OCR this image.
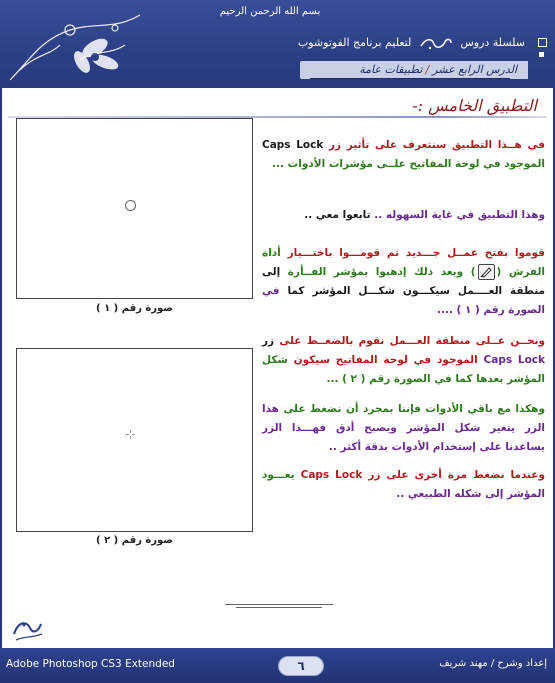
بسم الله الرحمن الرحيم
سلسلة دروس  لتعليم برنامج الفوتوشوب
الدرس الرابع عشر/تطبيقات عامة
التطبيق الخامس :-
صورة رقم ( ١ )
صورة رقم ( ٢ )
في هــذا التطبيق سنتعرف على تأثير زر Caps Lock الموجود في لوحة المفاتيح علــى مؤشرات الأدوات ...
وهذا التطبيق في غاية السهوله .. تابعوا معي ..
قوموا بفتح عمــل جـــديد ثم قومـــوا باختـــيار أداة الفرش () وبعد ذلك إذهبوا بمؤشر الفــأرة إلى منطقة العــــمل سيكـــون شكـــل المؤشر كما في الصورة رقم ( ١ ) ....
ونحــن عــلى منطقة العـــمل نقوم بالضغــط على زر Caps Lock الموجود في لوحة المفاتيح سيكون شكل المؤشر بعدها كما في الصورة رقم ( ٢ ) ...
وهكذا مع باقي الأدوات فإننا بمجرد أن نضغط على هذا الزر يتغير شكل المؤشر ويصبح أدق فهـــذا الزر يساعدنا على إستخدام الأدوات بدقة أكثر ..
وعندما نضغط مرة أخرى على زر Caps Lock يعـــود المؤشر إلى شكله الطبيعي ..
Adobe Photoshop CS3 Extended	٦	إعداد وشرح / مهند شريف
